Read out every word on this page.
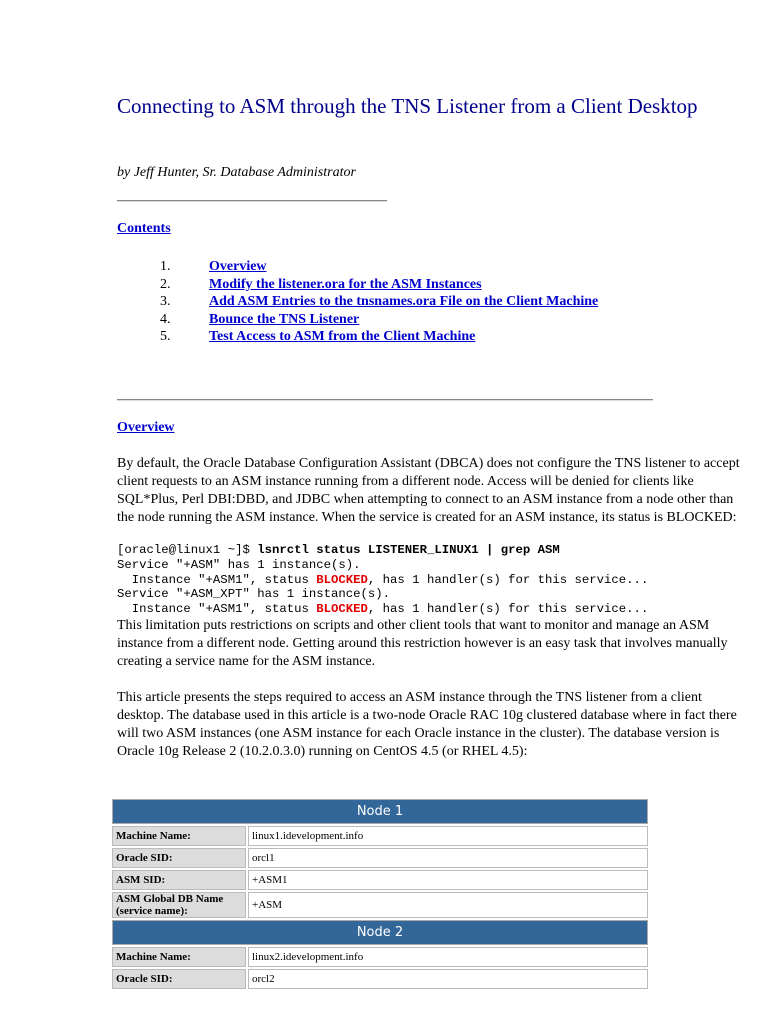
Connecting to ASM through the TNS Listener from a Client Desktop

by Jeff Hunter, Sr. Database Administrator

Contents
1.	Overview
2.	Modify the listener.ora for the ASM Instances
3.	Add ASM Entries to the tnsnames.ora File on the Client Machine
4.	Bounce the TNS Listener
5.	Test Access to ASM from the Client Machine
Overview

By default, the Oracle Database Configuration Assistant (DBCA) does not configure the TNS listener to accept client requests to an ASM instance running from a different node. Access will be denied for clients like SQL*Plus, Perl DBI:DBD, and JDBC when attempting to connect to an ASM instance from a node other than the node running the ASM instance. When the service is created for an ASM instance, its status is BLOCKED:

[oracle@linux1 ~]$ lsnrctl status LISTENER_LINUX1 | grep ASM
Service "+ASM" has 1 instance(s).
Instance "+ASM1", status BLOCKED, has 1 handler(s) for this service...
Service "+ASM_XPT" has 1 instance(s).
Instance "+ASM1", status BLOCKED, has 1 handler(s) for this service...

This limitation puts restrictions on scripts and other client tools that want to monitor and manage an ASM instance from a different node. Getting around this restriction however is an easy task that involves manually creating a service name for the ASM instance.

This article presents the steps required to access an ASM instance through the TNS listener from a client desktop. The database used in this article is a two-node Oracle RAC 10g clustered database where in fact there will two ASM instances (one ASM instance for each Oracle instance in the cluster). The database version is Oracle 10g Release 2 (10.2.0.3.0) running on CentOS 4.5 (or RHEL 4.5):

Node 1	
Machine Name:	linux1.idevelopment.info
Oracle SID:	orcl1
ASM SID:	+ASM1
ASM Global DB Name (service name):	+ASM
Node 2	
Machine Name:	linux2.idevelopment.info
Oracle SID:	orcl2
